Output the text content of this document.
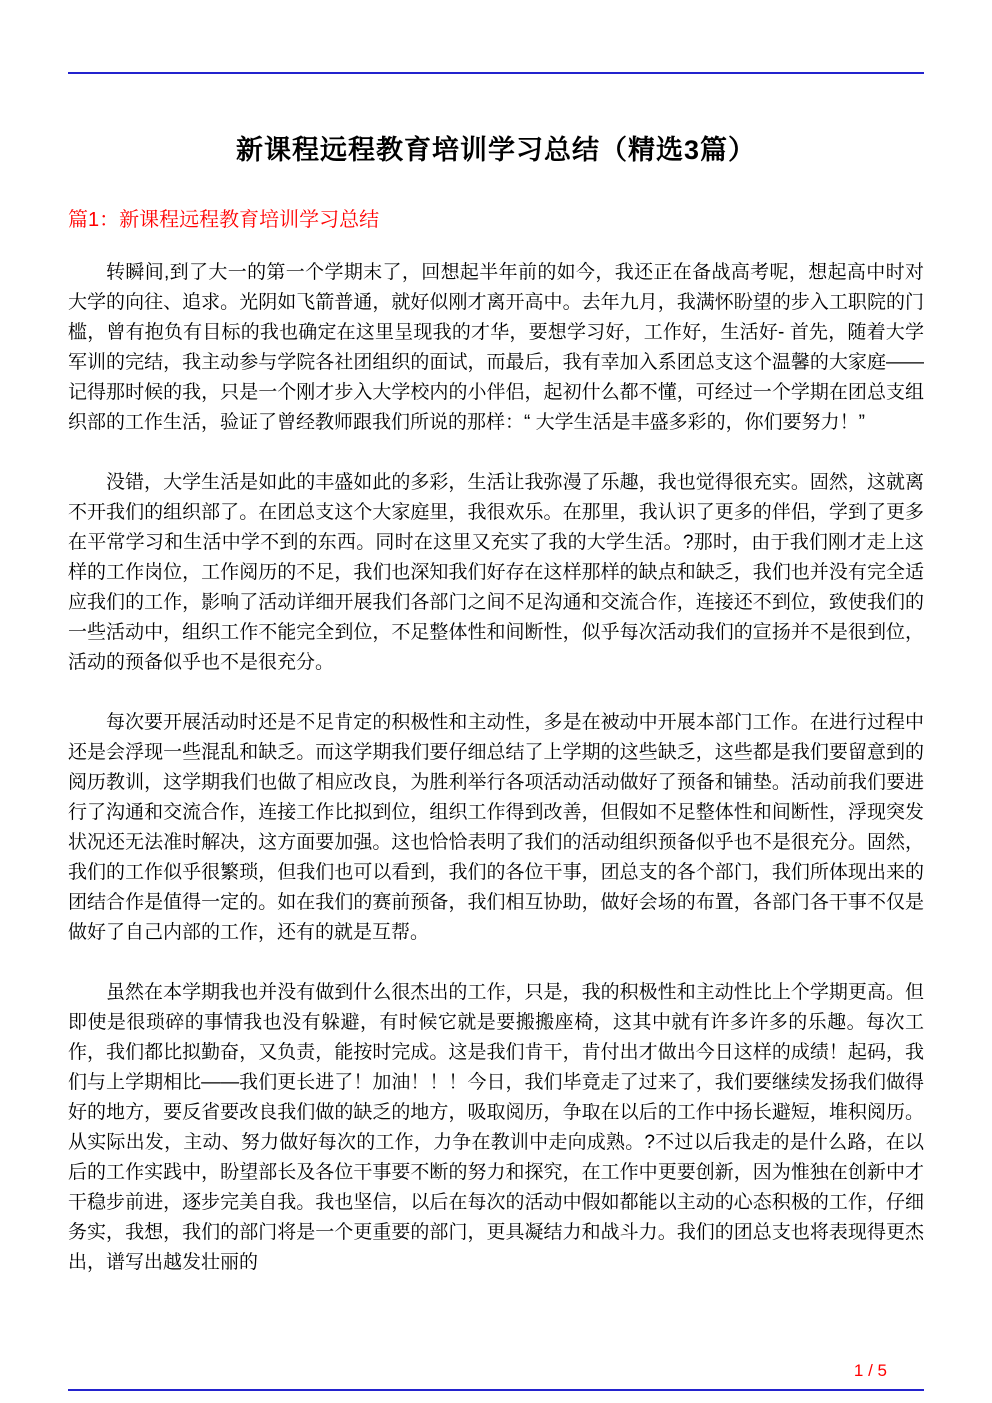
新课程远程教育培训学习总结（精选3篇）
篇1：新课程远程教育培训学习总结

转瞬间,到了大一的第一个学期末了，回想起半年前的如今，我还正在备战高考呢，想起高中时对大学的向往、追求。光阴如飞箭普通，就好似刚才离开高中。去年九月，我满怀盼望的步入工职院的门槛，曾有抱负有目标的我也确定在这里呈现我的才华，要想学习好，工作好，生活好- 首先，随着大学军训的完结，我主动参与学院各社团组织的面试，而最后，我有幸加入系团总支这个温馨的大家庭——记得那时候的我，只是一个刚才步入大学校内的小伴侣，起初什么都不懂，可经过一个学期在团总支组织部的工作生活，验证了曾经教师跟我们所说的那样：“ 大学生活是丰盛多彩的，你们要努力！”

没错，大学生活是如此的丰盛如此的多彩，生活让我弥漫了乐趣，我也觉得很充实。固然，这就离不开我们的组织部了。在团总支这个大家庭里，我很欢乐。在那里，我认识了更多的伴侣，学到了更多在平常学习和生活中学不到的东西。同时在这里又充实了我的大学生活。?那时，由于我们刚才走上这样的工作岗位，工作阅历的不足，我们也深知我们好存在这样那样的缺点和缺乏，我们也并没有完全适应我们的工作，影响了活动详细开展我们各部门之间不足沟通和交流合作，连接还不到位，致使我们的一些活动中，组织工作不能完全到位，不足整体性和间断性，似乎每次活动我们的宣扬并不是很到位，活动的预备似乎也不是很充分。

每次要开展活动时还是不足肯定的积极性和主动性，多是在被动中开展本部门工作。在进行过程中还是会浮现一些混乱和缺乏。而这学期我们要仔细总结了上学期的这些缺乏，这些都是我们要留意到的阅历教训，这学期我们也做了相应改良，为胜利举行各项活动活动做好了预备和铺垫。活动前我们要进行了沟通和交流合作，连接工作比拟到位，组织工作得到改善，但假如不足整体性和间断性，浮现突发状况还无法准时解决，这方面要加强。这也恰恰表明了我们的活动组织预备似乎也不是很充分。固然，我们的工作似乎很繁琐，但我们也可以看到，我们的各位干事，团总支的各个部门，我们所体现出来的团结合作是值得一定的。如在我们的赛前预备，我们相互协助，做好会场的布置，各部门各干事不仅是做好了自己内部的工作，还有的就是互帮。

虽然在本学期我也并没有做到什么很杰出的工作，只是，我的积极性和主动性比上个学期更高。但即使是很琐碎的事情我也没有躲避，有时候它就是要搬搬座椅，这其中就有许多许多的乐趣。每次工作，我们都比拟勤奋，又负责，能按时完成。这是我们肯干，肯付出才做出今日这样的成绩！起码，我们与上学期相比——我们更长进了！加油！！！今日，我们毕竟走了过来了，我们要继续发扬我们做得好的地方，要反省要改良我们做的缺乏的地方，吸取阅历，争取在以后的工作中扬长避短，堆积阅历。从实际出发，主动、努力做好每次的工作，力争在教训中走向成熟。?不过以后我走的是什么路，在以后的工作实践中，盼望部长及各位干事要不断的努力和探究，在工作中更要创新，因为惟独在创新中才干稳步前进，逐步完美自我。我也坚信，以后在每次的活动中假如都能以主动的心态积极的工作，仔细务实，我想，我们的部门将是一个更重要的部门，更具凝结力和战斗力。我们的团总支也将表现得更杰出，谱写出越发壮丽的

1 / 5
